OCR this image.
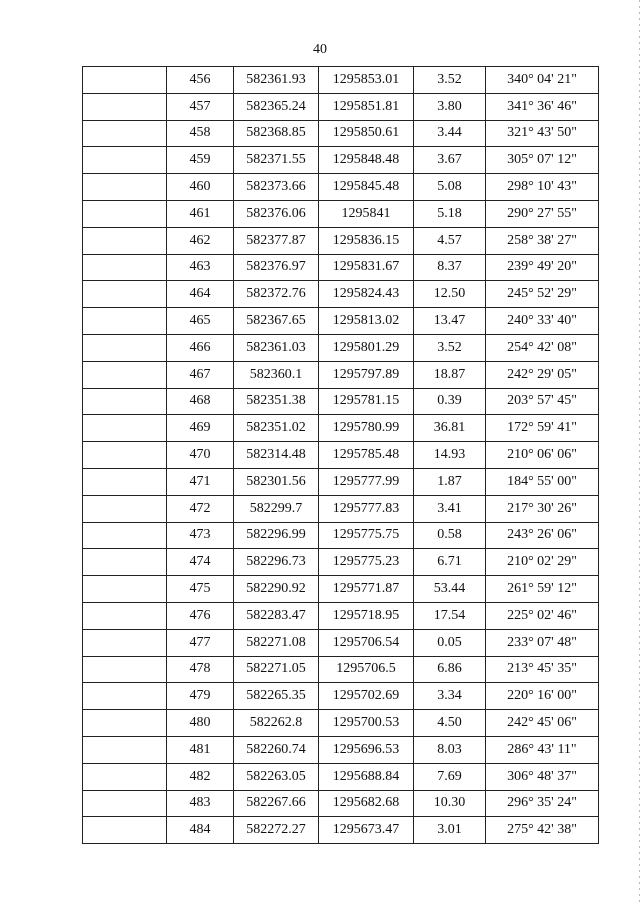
40
	456	582361.93	1295853.01	3.52	340° 04' 21"
	457	582365.24	1295851.81	3.80	341° 36' 46"
	458	582368.85	1295850.61	3.44	321° 43' 50"
	459	582371.55	1295848.48	3.67	305° 07' 12"
	460	582373.66	1295845.48	5.08	298° 10' 43"
	461	582376.06	1295841	5.18	290° 27' 55"
	462	582377.87	1295836.15	4.57	258° 38' 27"
	463	582376.97	1295831.67	8.37	239° 49' 20"
	464	582372.76	1295824.43	12.50	245° 52' 29"
	465	582367.65	1295813.02	13.47	240° 33' 40"
	466	582361.03	1295801.29	3.52	254° 42' 08"
	467	582360.1	1295797.89	18.87	242° 29' 05"
	468	582351.38	1295781.15	0.39	203° 57' 45"
	469	582351.02	1295780.99	36.81	172° 59' 41"
	470	582314.48	1295785.48	14.93	210° 06' 06"
	471	582301.56	1295777.99	1.87	184° 55' 00"
	472	582299.7	1295777.83	3.41	217° 30' 26"
	473	582296.99	1295775.75	0.58	243° 26' 06"
	474	582296.73	1295775.23	6.71	210° 02' 29"
	475	582290.92	1295771.87	53.44	261° 59' 12"
	476	582283.47	1295718.95	17.54	225° 02' 46"
	477	582271.08	1295706.54	0.05	233° 07' 48"
	478	582271.05	1295706.5	6.86	213° 45' 35"
	479	582265.35	1295702.69	3.34	220° 16' 00"
	480	582262.8	1295700.53	4.50	242° 45' 06"
	481	582260.74	1295696.53	8.03	286° 43' 11"
	482	582263.05	1295688.84	7.69	306° 48' 37"
	483	582267.66	1295682.68	10.30	296° 35' 24"
	484	582272.27	1295673.47	3.01	275° 42' 38"
